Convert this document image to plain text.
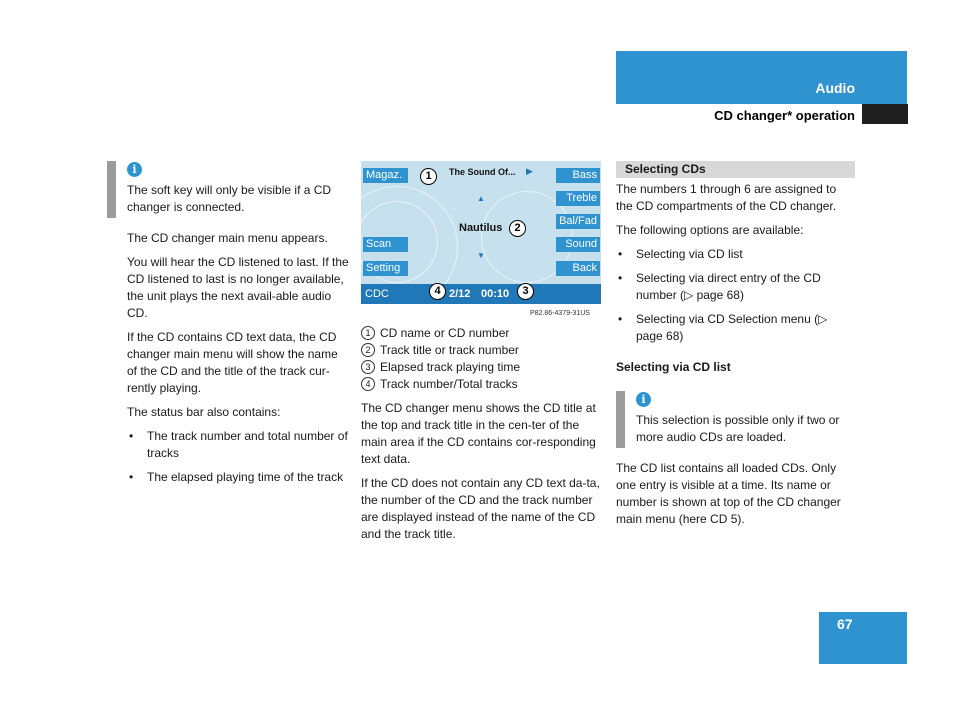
Audio
CD changer* operation
i

The soft key will only be visible if a CD changer is connected.

The CD changer main menu appears.

You will hear the CD listened to last. If the CD listened to last is no longer available, the unit plays the next avail-able audio CD.

If the CD contains CD text data, the CD changer main menu will show the name of the CD and the title of the track cur-rently playing.

The status bar also contains:

• The track number and total number of tracks
• The elapsed playing time of the track
Magaz.
Scan
Setting
Bass
Treble
Bal/Fad
Sound
Back
The Sound Of... ▶
▲
Nautilus
▼
CDC	2/12 00:10
1
2
3
4
P82.86-4379-31US
1 CD name or CD number
2 Track title or track number
3 Elapsed track playing time
4 Track number/Total tracks

The CD changer menu shows the CD title at the top and track title in the cen-ter of the main area if the CD contains cor-responding text data.

If the CD does not contain any CD text da-ta, the number of the CD and the track number are displayed instead of the name of the CD and the track title.

Selecting CDs

The numbers 1 through 6 are assigned to the CD compartments of the CD changer.

The following options are available:

• Selecting via CD list
• Selecting via direct entry of the CD number (▷ page 68)
• Selecting via CD Selection menu (▷ page 68)

Selecting via CD list

i

This selection is possible only if two or more audio CDs are loaded.

The CD list contains all loaded CDs. Only one entry is visible at a time. Its name or number is shown at top of the CD changer main menu (here CD 5).

67
